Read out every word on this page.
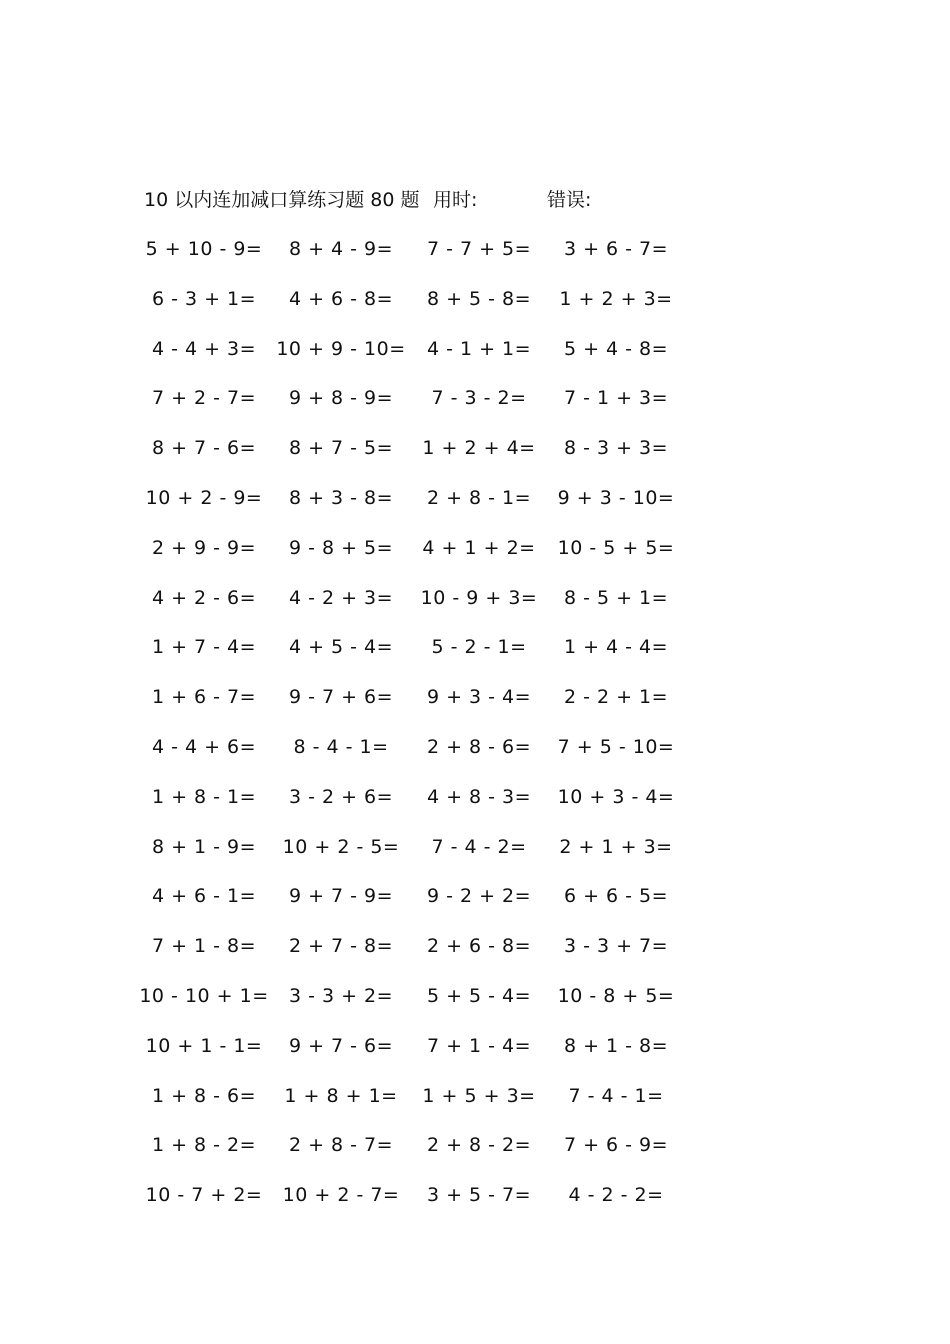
10 以内连加减口算练习题 80 题 用时:	错误:
5 + 10 - 9=	8 + 4 - 9=	7 - 7 + 5=	3 + 6 - 7=
6 - 3 + 1=	4 + 6 - 8=	8 + 5 - 8=	1 + 2 + 3=
4 - 4 + 3=	10 + 9 - 10=	4 - 1 + 1=	5 + 4 - 8=
7 + 2 - 7=	9 + 8 - 9=	7 - 3 - 2=	7 - 1 + 3=
8 + 7 - 6=	8 + 7 - 5=	1 + 2 + 4=	8 - 3 + 3=
10 + 2 - 9=	8 + 3 - 8=	2 + 8 - 1=	9 + 3 - 10=
2 + 9 - 9=	9 - 8 + 5=	4 + 1 + 2=	10 - 5 + 5=
4 + 2 - 6=	4 - 2 + 3=	10 - 9 + 3=	8 - 5 + 1=
1 + 7 - 4=	4 + 5 - 4=	5 - 2 - 1=	1 + 4 - 4=
1 + 6 - 7=	9 - 7 + 6=	9 + 3 - 4=	2 - 2 + 1=
4 - 4 + 6=	8 - 4 - 1=	2 + 8 - 6=	7 + 5 - 10=
1 + 8 - 1=	3 - 2 + 6=	4 + 8 - 3=	10 + 3 - 4=
8 + 1 - 9=	10 + 2 - 5=	7 - 4 - 2=	2 + 1 + 3=
4 + 6 - 1=	9 + 7 - 9=	9 - 2 + 2=	6 + 6 - 5=
7 + 1 - 8=	2 + 7 - 8=	2 + 6 - 8=	3 - 3 + 7=
10 - 10 + 1=	3 - 3 + 2=	5 + 5 - 4=	10 - 8 + 5=
10 + 1 - 1=	9 + 7 - 6=	7 + 1 - 4=	8 + 1 - 8=
1 + 8 - 6=	1 + 8 + 1=	1 + 5 + 3=	7 - 4 - 1=
1 + 8 - 2=	2 + 8 - 7=	2 + 8 - 2=	7 + 6 - 9=
10 - 7 + 2=	10 + 2 - 7=	3 + 5 - 7=	4 - 2 - 2=
